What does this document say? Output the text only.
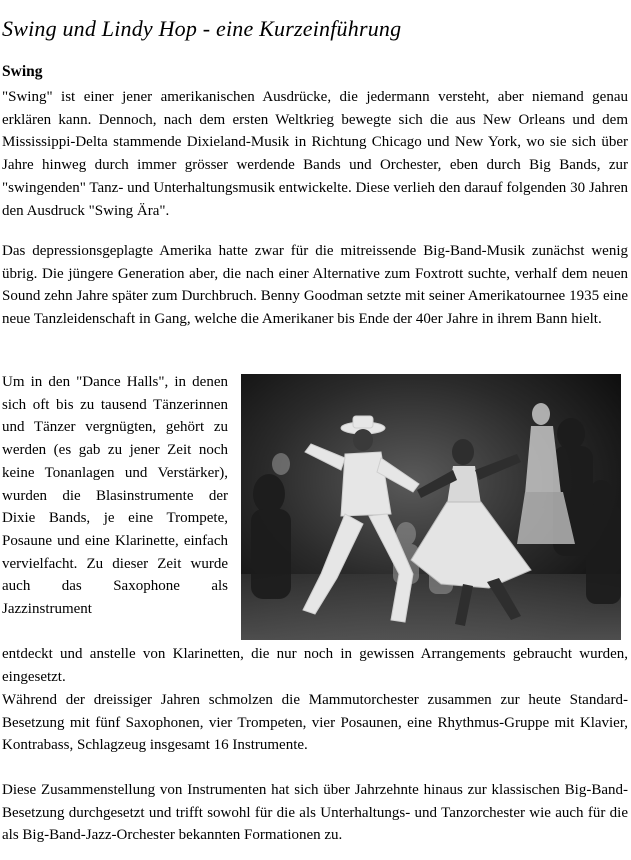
Swing und Lindy Hop - eine Kurzeinführung
Swing

"Swing" ist einer jener amerikanischen Ausdrücke, die jedermann versteht, aber niemand genau erklären kann. Dennoch, nach dem ersten Weltkrieg bewegte sich die aus New Orleans und dem Mississippi-Delta stammende Dixieland-Musik in Richtung Chicago und New York, wo sie sich über Jahre hinweg durch immer grösser werdende Bands und Orchester, eben durch Big Bands, zur "swingenden" Tanz- und Unterhaltungsmusik entwickelte. Diese verlieh den darauf folgenden 30 Jahren den Ausdruck "Swing Ära".

Das depressionsgeplagte Amerika hatte zwar für die mitreissende Big-Band-Musik zunächst wenig übrig. Die jüngere Generation aber, die nach einer Alternative zum Foxtrott suchte, verhalf dem neuen Sound zehn Jahre später zum Durchbruch. Benny Goodman setzte mit seiner Amerikatournee 1935 eine neue Tanzleidenschaft in Gang, welche die Amerikaner bis Ende der 40er Jahre in ihrem Bann hielt.

Um in den "Dance Halls", in denen sich oft bis zu tausend Tänzerinnen und Tänzer vergnügten, gehört zu werden (es gab zu jener Zeit noch keine Tonanlagen und Verstärker), wurden die Blasinstrumente der Dixie Bands, je eine Trompete, Posaune und eine Klarinette, einfach vervielfacht. Zu dieser Zeit wurde auch das Saxophone als Jazzinstrument

entdeckt und anstelle von Klarinetten, die nur noch in gewissen Arrangements gebraucht wurden, eingesetzt.

Während der dreissiger Jahren schmolzen die Mammutorchester zusammen zur heute Standard-Besetzung mit fünf Saxophonen, vier Trompeten, vier Posaunen, eine Rhythmus-Gruppe mit Klavier, Kontrabass, Schlagzeug insgesamt 16 Instrumente.

Diese Zusammenstellung von Instrumenten hat sich über Jahrzehnte hinaus zur klassischen Big-Band-Besetzung durchgesetzt und trifft sowohl für die als Unterhaltungs- und Tanzorchester wie auch für die als Big-Band-Jazz-Orchester bekannten Formationen zu.
